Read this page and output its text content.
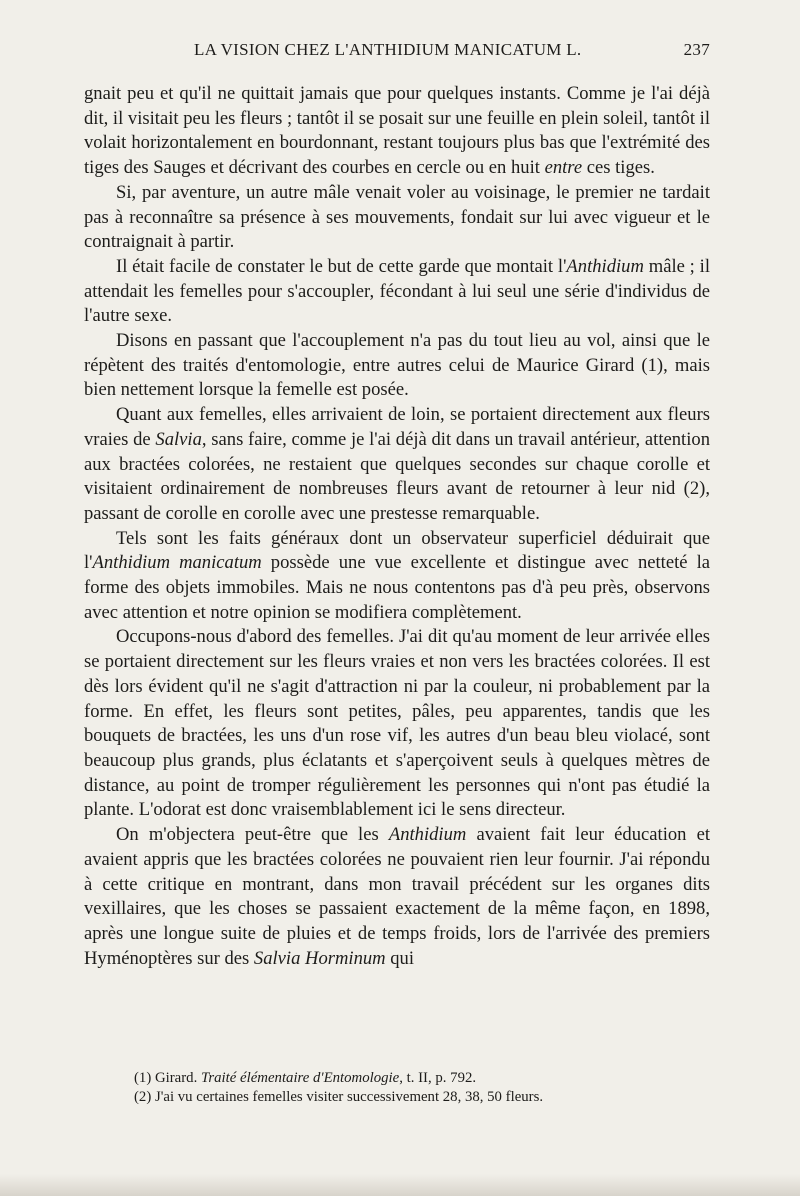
LA VISION CHEZ L'ANTHIDIUM MANICATUM L.	237

gnait peu et qu'il ne quittait jamais que pour quelques instants. Comme je l'ai déjà dit, il visitait peu les fleurs ; tantôt il se posait sur une feuille en plein soleil, tantôt il volait horizontalement en bourdonnant, restant toujours plus bas que l'extrémité des tiges des Sauges et décrivant des courbes en cercle ou en huit entre ces tiges.

Si, par aventure, un autre mâle venait voler au voisinage, le premier ne tardait pas à reconnaître sa présence à ses mouvements, fondait sur lui avec vigueur et le contraignait à partir.

Il était facile de constater le but de cette garde que montait l'Anthidium mâle ; il attendait les femelles pour s'accoupler, fécondant à lui seul une série d'individus de l'autre sexe.

Disons en passant que l'accouplement n'a pas du tout lieu au vol, ainsi que le répètent des traités d'entomologie, entre autres celui de Maurice Girard (1), mais bien nettement lorsque la femelle est posée.

Quant aux femelles, elles arrivaient de loin, se portaient directement aux fleurs vraies de Salvia, sans faire, comme je l'ai déjà dit dans un travail antérieur, attention aux bractées colorées, ne restaient que quelques secondes sur chaque corolle et visitaient ordinairement de nombreuses fleurs avant de retourner à leur nid (2), passant de corolle en corolle avec une prestesse remarquable.

Tels sont les faits généraux dont un observateur superficiel déduirait que l'Anthidium manicatum possède une vue excellente et distingue avec netteté la forme des objets immobiles. Mais ne nous contentons pas d'à peu près, observons avec attention et notre opinion se modifiera complètement.

Occupons-nous d'abord des femelles. J'ai dit qu'au moment de leur arrivée elles se portaient directement sur les fleurs vraies et non vers les bractées colorées. Il est dès lors évident qu'il ne s'agit d'attraction ni par la couleur, ni probablement par la forme. En effet, les fleurs sont petites, pâles, peu apparentes, tandis que les bouquets de bractées, les uns d'un rose vif, les autres d'un beau bleu violacé, sont beaucoup plus grands, plus éclatants et s'aperçoivent seuls à quelques mètres de distance, au point de tromper régulièrement les personnes qui n'ont pas étudié la plante. L'odorat est donc vraisemblablement ici le sens directeur.

On m'objectera peut-être que les Anthidium avaient fait leur éducation et avaient appris que les bractées colorées ne pouvaient rien leur fournir. J'ai répondu à cette critique en montrant, dans mon travail précédent sur les organes dits vexillaires, que les choses se passaient exactement de la même façon, en 1898, après une longue suite de pluies et de temps froids, lors de l'arrivée des premiers Hyménoptères sur des Salvia Horminum qui

(1) Girard. Traité élémentaire d'Entomologie, t. II, p. 792.

(2) J'ai vu certaines femelles visiter successivement 28, 38, 50 fleurs.
